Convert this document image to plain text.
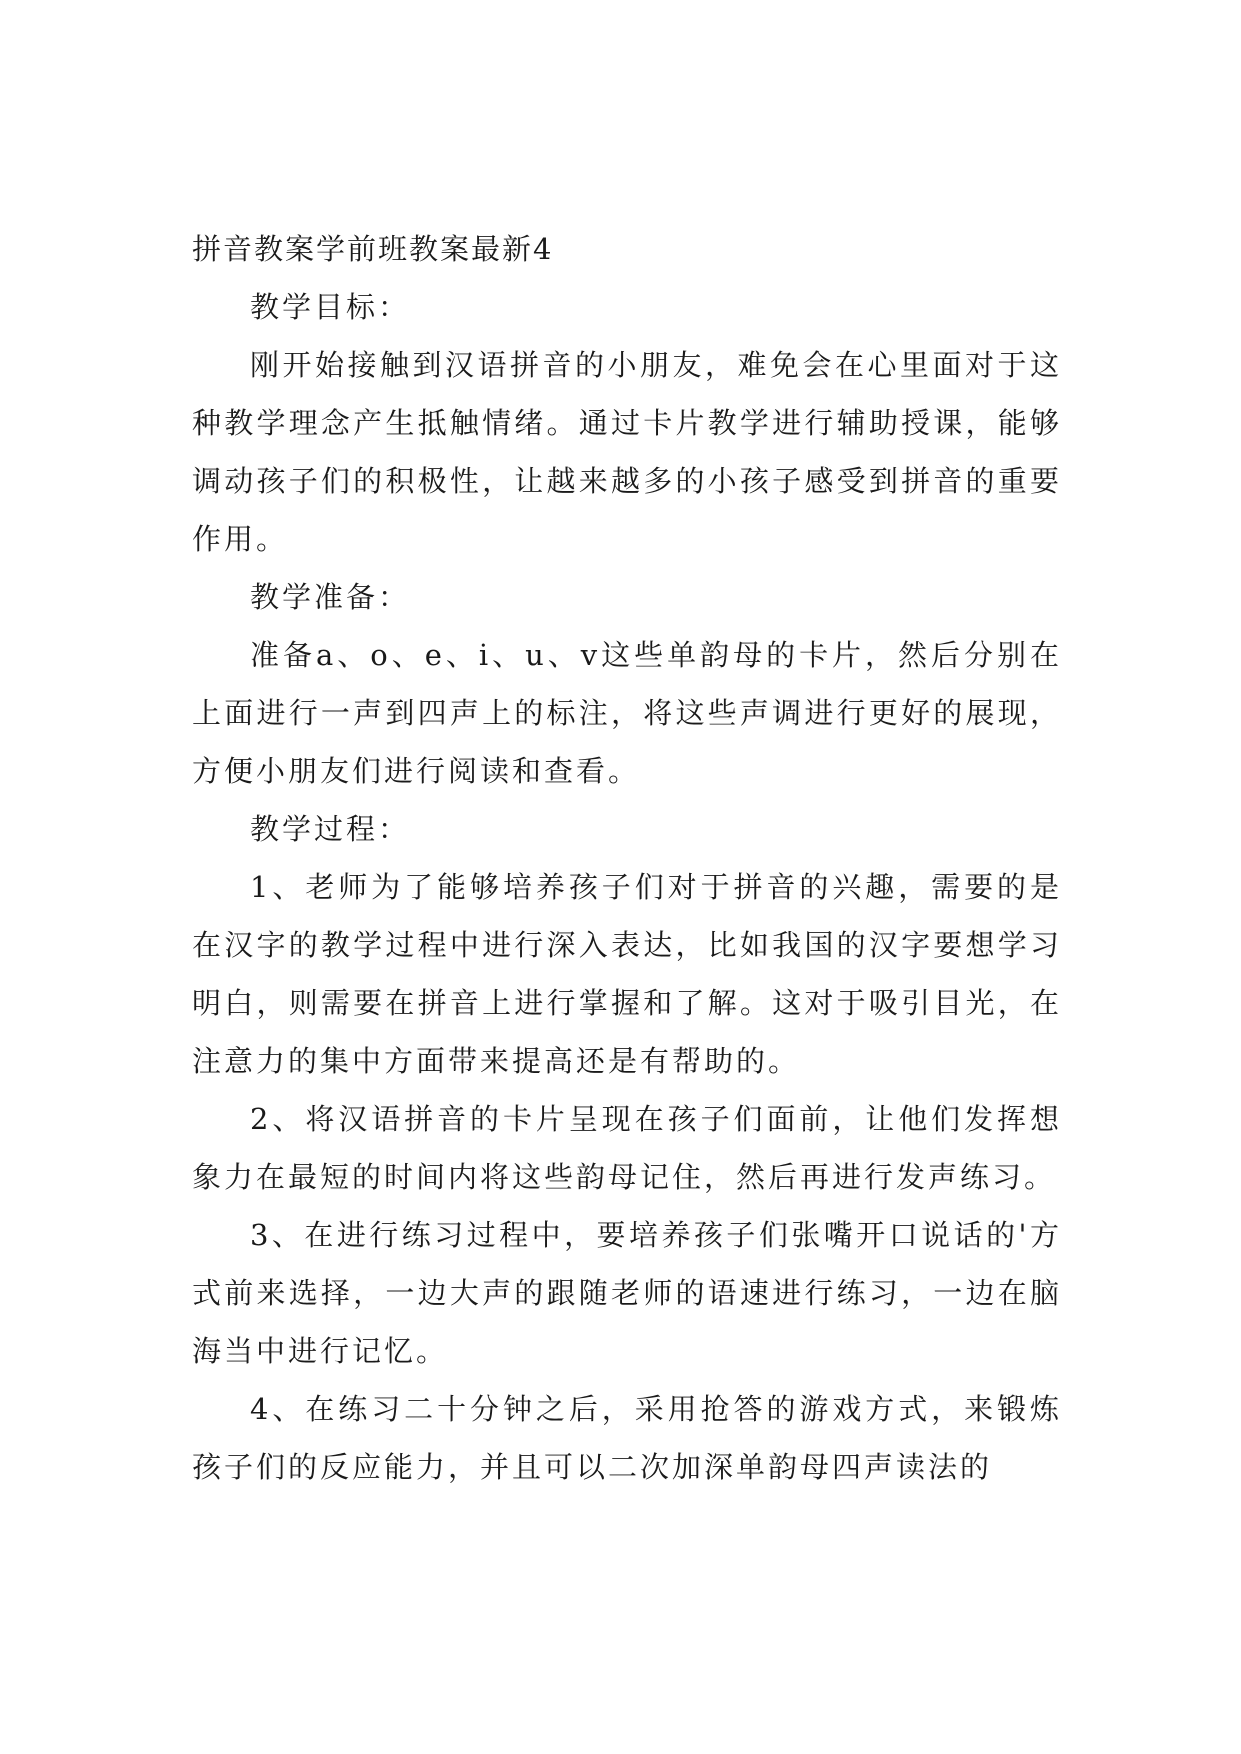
拼音教案学前班教案最新4

教学目标：

刚开始接触到汉语拼音的小朋友，难免会在心里面对于这种教学理念产生抵触情绪。通过卡片教学进行辅助授课，能够调动孩子们的积极性，让越来越多的小孩子感受到拼音的重要作用。

教学准备：

准备a、o、e、i、u、v这些单韵母的卡片，然后分别在上面进行一声到四声上的标注，将这些声调进行更好的展现，方便小朋友们进行阅读和查看。

教学过程：

1、老师为了能够培养孩子们对于拼音的兴趣，需要的是在汉字的教学过程中进行深入表达，比如我国的汉字要想学习明白，则需要在拼音上进行掌握和了解。这对于吸引目光，在注意力的集中方面带来提高还是有帮助的。

2、将汉语拼音的卡片呈现在孩子们面前，让他们发挥想象力在最短的时间内将这些韵母记住，然后再进行发声练习。

3、在进行练习过程中，要培养孩子们张嘴开口说话的'方式前来选择，一边大声的跟随老师的语速进行练习，一边在脑海当中进行记忆。

4、在练习二十分钟之后，采用抢答的游戏方式，来锻炼孩子们的反应能力，并且可以二次加深单韵母四声读法的
